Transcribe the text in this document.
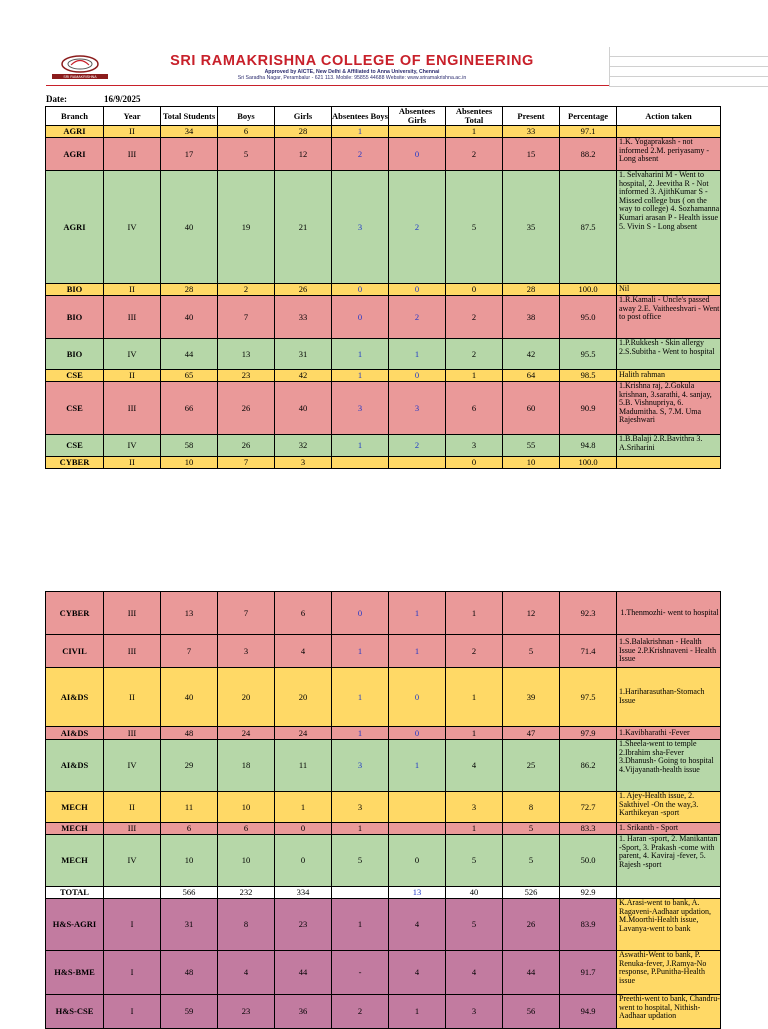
SRI RAMAKRISHNA
SRI RAMAKRISHNA COLLEGE OF ENGINEERING
Approved by AICTE, New Delhi & Affiliated to Anna University, Chennai
Sri Saradha Nagar, Perambalur - 621 113. Mobile: 95855 44688 Website: www.sriramakrishna.ac.in
Date:	16/9/2025
Branch	Year	Total Students	Boys	Girls	Absentees Boys	Absentees Girls	Absentees Total	Present	Percentage	Action taken
AGRI	II	34	6	28	1		1	33	97.1	
AGRI	III	17	5	12	2	0	2	15	88.2	1.K. Yogaprakash - not informed 2.M. periyasamy - Long absent
AGRI	IV	40	19	21	3	2	5	35	87.5	1. Selvaharini M - Went to hospital, 2. Jeevitha R - Not informed 3. AjithKumar S - Missed college bus ( on the way to college) 4. Sozhamanna Kumari arasan P - Health issue 5. Vivin S - Long absent
BIO	II	28	2	26	0	0	0	28	100.0	Nil
BIO	III	40	7	33	0	2	2	38	95.0	1.R.Kamali - Uncle's passed away 2.E. Vaitheeshvari - Went to post office
BIO	IV	44	13	31	1	1	2	42	95.5	1.P.Rukkesh - Skin allergy 2.S.Subitha - Went to hospital
CSE	II	65	23	42	1	0	1	64	98.5	Halith rahman
CSE	III	66	26	40	3	3	6	60	90.9	1.Krishna raj, 2.Gokula krishnan, 3.sarathi, 4. sanjay, 5.B. Vishnupriya, 6. Madumitha. S, 7.M. Uma Rajeshwari
CSE	IV	58	26	32	1	2	3	55	94.8	1.B.Balaji 2.R.Bavithra 3. A.Sriharini
CYBER	II	10	7	3			0	10	100.0	
CYBER	III	13	7	6	0	1	1	12	92.3	1.Thenmozhi- went to hospital
CIVIL	III	7	3	4	1	1	2	5	71.4	1.S.Balakrishnan - Health Issue 2.P.Krishnaveni - Health Issue
AI&DS	II	40	20	20	1	0	1	39	97.5	1.Hariharasuthan-Stomach Issue
AI&DS	III	48	24	24	1	0	1	47	97.9	1.Kavibharathi -Fever
AI&DS	IV	29	18	11	3	1	4	25	86.2	1.Sheela-went to temple 2.Ibrahim sha-Fever 3.Dhanush- Going to hospital 4.Vijayanath-health issue
MECH	II	11	10	1	3		3	8	72.7	1. Ajey-Health issue, 2. Sakthivel -On the way,3. Karthikeyan -sport
MECH	III	6	6	0	1		1	5	83.3	1. Srikanth - Sport
MECH	IV	10	10	0	5	0	5	5	50.0	1. Haran -sport, 2. Manikantan -Sport, 3. Prakash -come with parent, 4. Kaviraj -fever, 5. Rajesh -sport
TOTAL		566	232	334		13	40	526	92.9	
H&S-AGRI	I	31	8	23	1	4	5	26	83.9	K.Arasi-went to bank, A. Ragaveni-Aadhaar updation, M.Moorthi-Health issue, Lavanya-went to bank
H&S-BME	I	48	4	44	-	4	4	44	91.7	Aswathi-Went to bank, P. Renuka-fever, J.Ramya-No response, P.Punitha-Health issue
H&S-CSE	I	59	23	36	2	1	3	56	94.9	Preethi-went to bank, Chandru-went to hospital, Nithish-Aadhaar updation
